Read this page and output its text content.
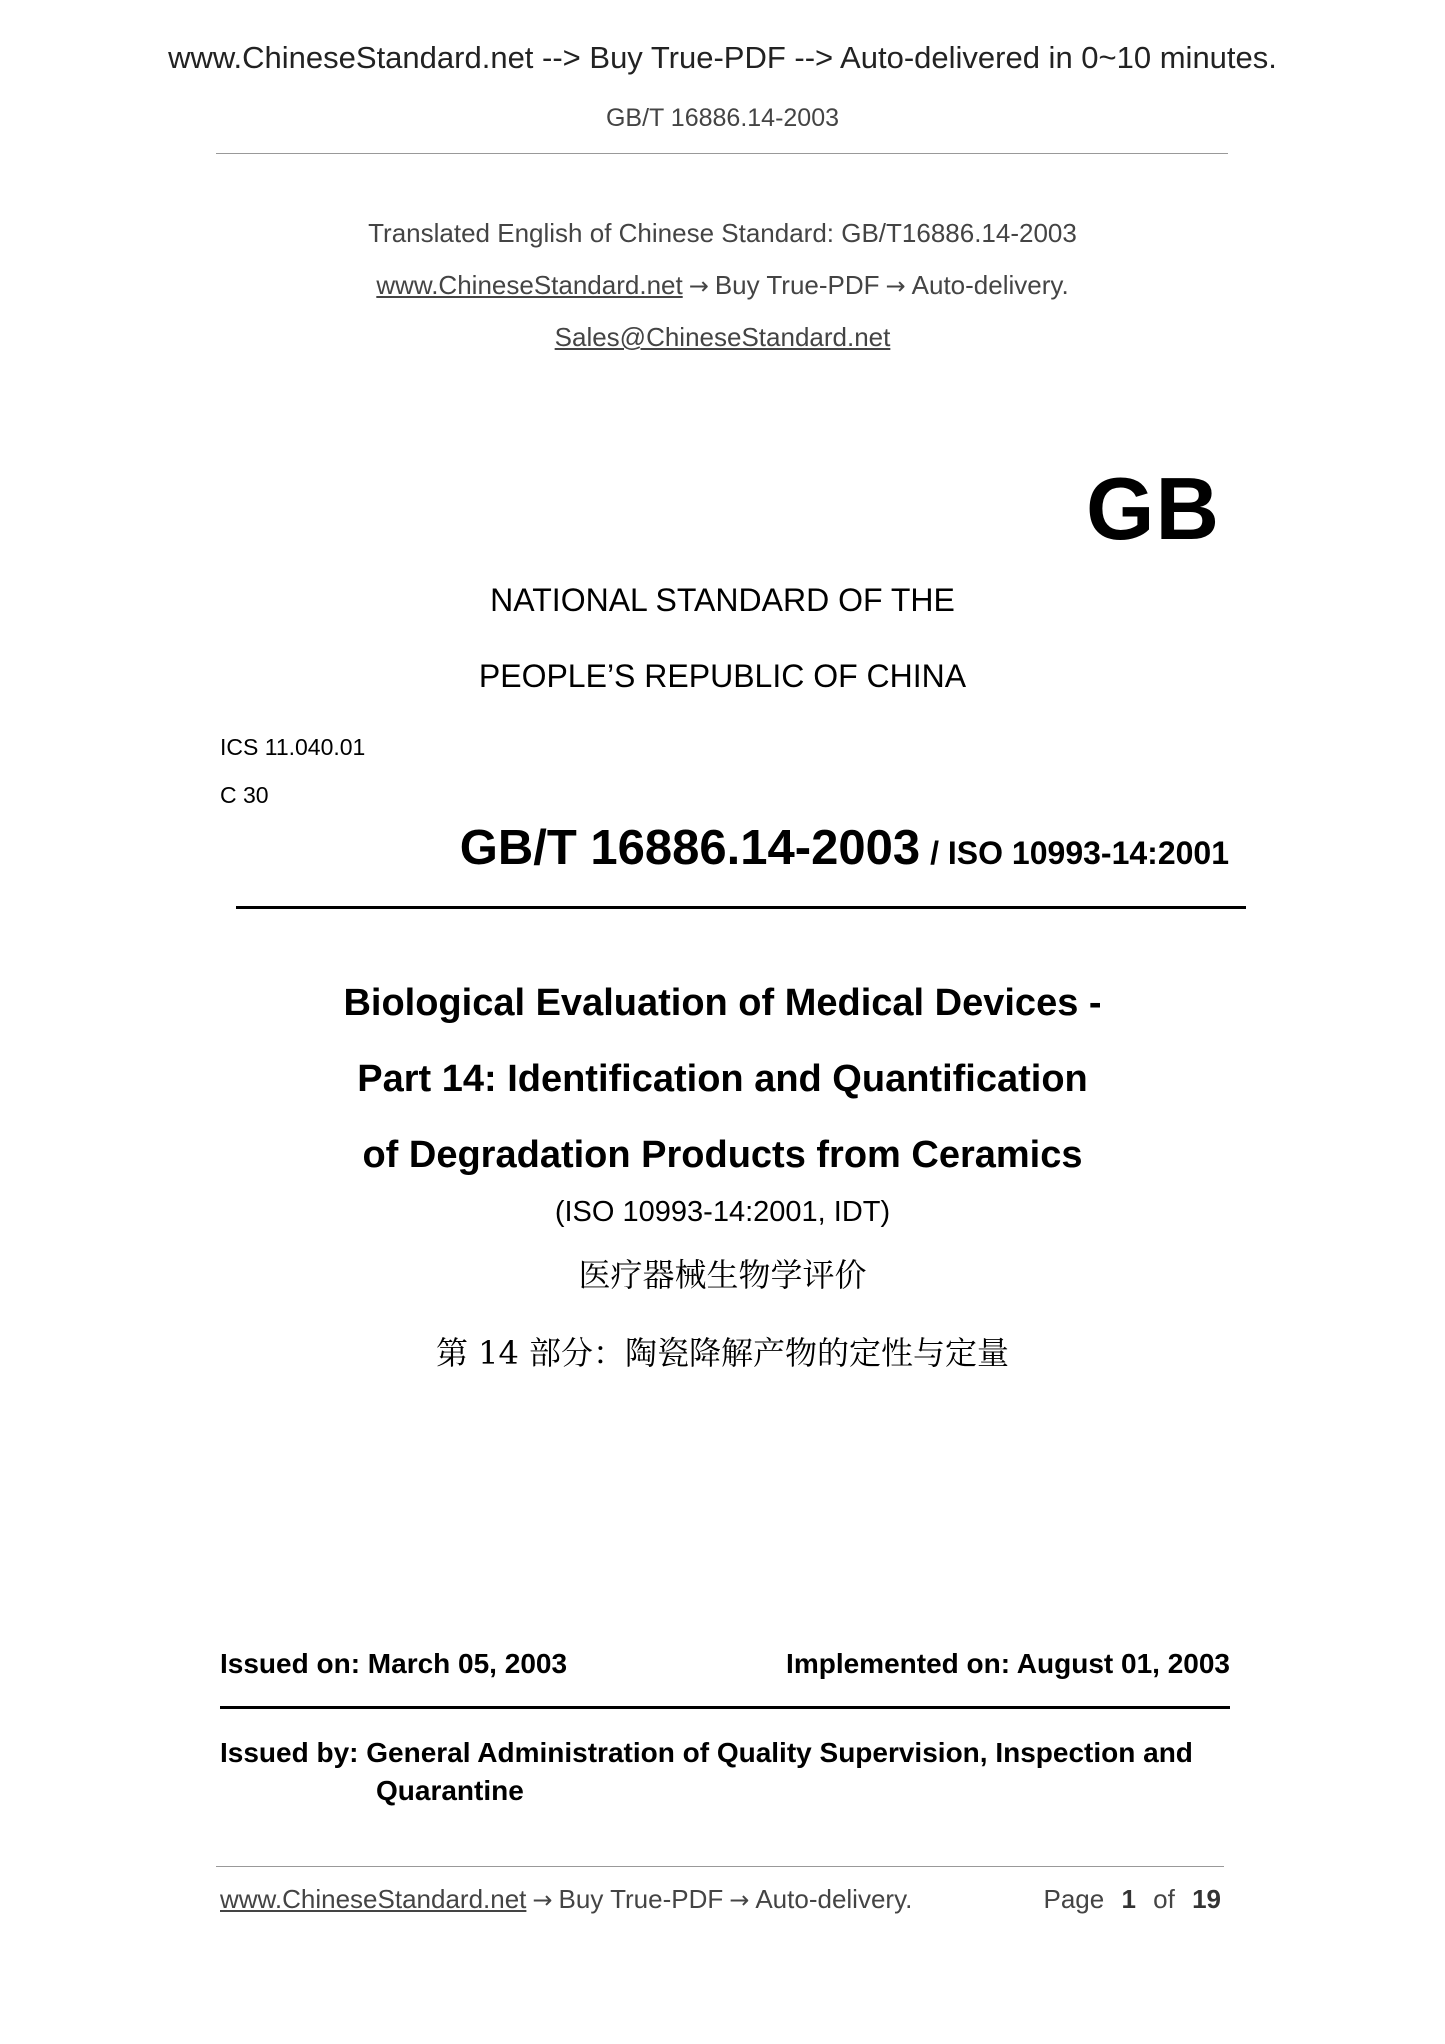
www.ChineseStandard.net --> Buy True-PDF --> Auto-delivered in 0~10 minutes.
GB/T 16886.14-2003
Translated English of Chinese Standard: GB/T16886.14-2003
www.ChineseStandard.net → Buy True-PDF → Auto-delivery.
Sales@ChineseStandard.net
GB
NATIONAL STANDARD OF THE
PEOPLE’S REPUBLIC OF CHINA
ICS 11.040.01
C 30
GB/T 16886.14-2003 / ISO 10993-14:2001
Biological Evaluation of Medical Devices -
Part 14: Identification and Quantification
of Degradation Products from Ceramics
(ISO 10993-14:2001, IDT)
医疗器械生物学评价
第 14 部分：陶瓷降解产物的定性与定量
Issued on: March 05, 2003	Implemented on: August 01, 2003
Issued by: General Administration of Quality Supervision, Inspection and
Quarantine
www.ChineseStandard.net → Buy True-PDF → Auto-delivery.	Page 1 of 19
